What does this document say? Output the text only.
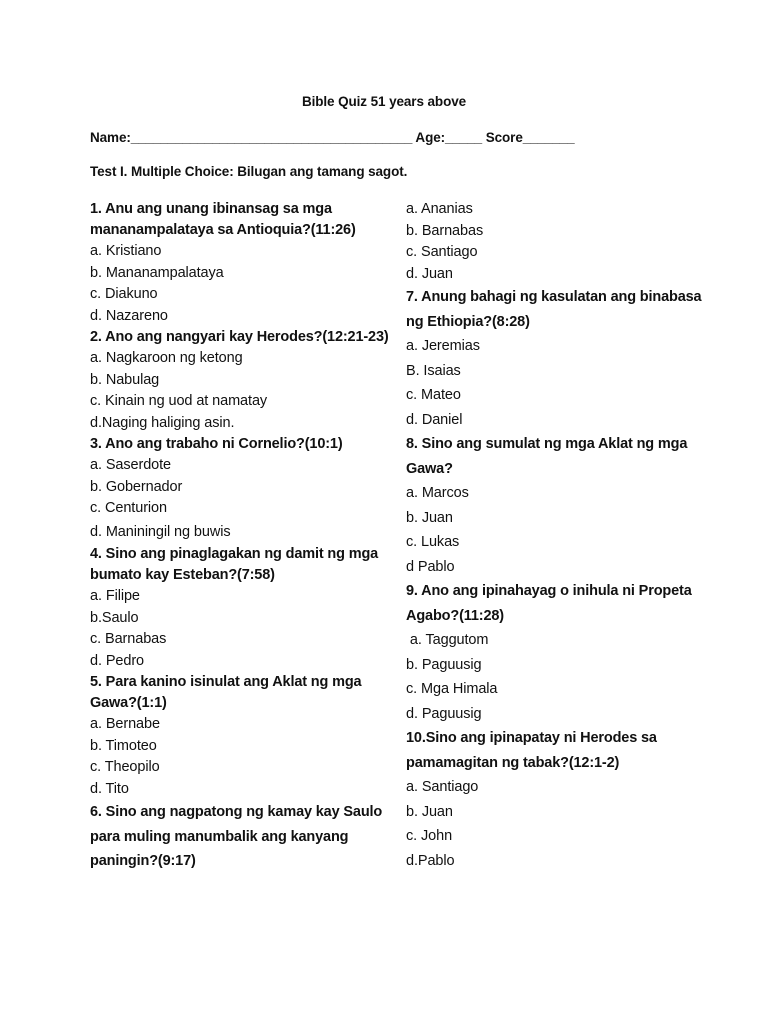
Bible Quiz 51 years above
Name:______________________________________ Age:_____ Score_______
Test I. Multiple Choice: Bilugan ang tamang sagot.
1. Anu ang unang ibinansag sa mga mananampalataya sa Antioquia?(11:26)
a. Kristiano
b. Mananampalataya
c. Diakuno
d. Nazareno
2. Ano ang nangyari kay Herodes?(12:21-23)
a. Nagkaroon ng ketong
b. Nabulag
c. Kinain ng uod at namatay
d.Naging haliging asin.
3. Ano ang trabaho ni Cornelio?(10:1)
a. Saserdote
b. Gobernador
c. Centurion
d. Maniningil ng buwis
4. Sino ang pinaglagakan ng damit ng mga bumato kay Esteban?(7:58)
a. Filipe
b.Saulo
c. Barnabas
d. Pedro
5. Para kanino isinulat ang Aklat ng mga Gawa?(1:1)
a. Bernabe
b. Timoteo
c. Theopilo
d. Tito
6. Sino ang nagpatong ng kamay kay Saulo para muling manumbalik ang kanyang paningin?(9:17)
a. Ananias
b. Barnabas
c. Santiago
d. Juan
7. Anung bahagi ng kasulatan ang binabasa ng Ethiopia?(8:28)
a. Jeremias
B. Isaias
c. Mateo
d. Daniel
8. Sino ang sumulat ng mga Aklat ng mga Gawa?
a. Marcos
b. Juan
c. Lukas
d Pablo
9. Ano ang ipinahayag o inihula ni Propeta Agabo?(11:28)
a. Taggutom
b. Paguusig
c. Mga Himala
d. Paguusig
10.Sino ang ipinapatay ni Herodes sa pamamagitan ng tabak?(12:1-2)
a. Santiago
b. Juan
c. John
d.Pablo
